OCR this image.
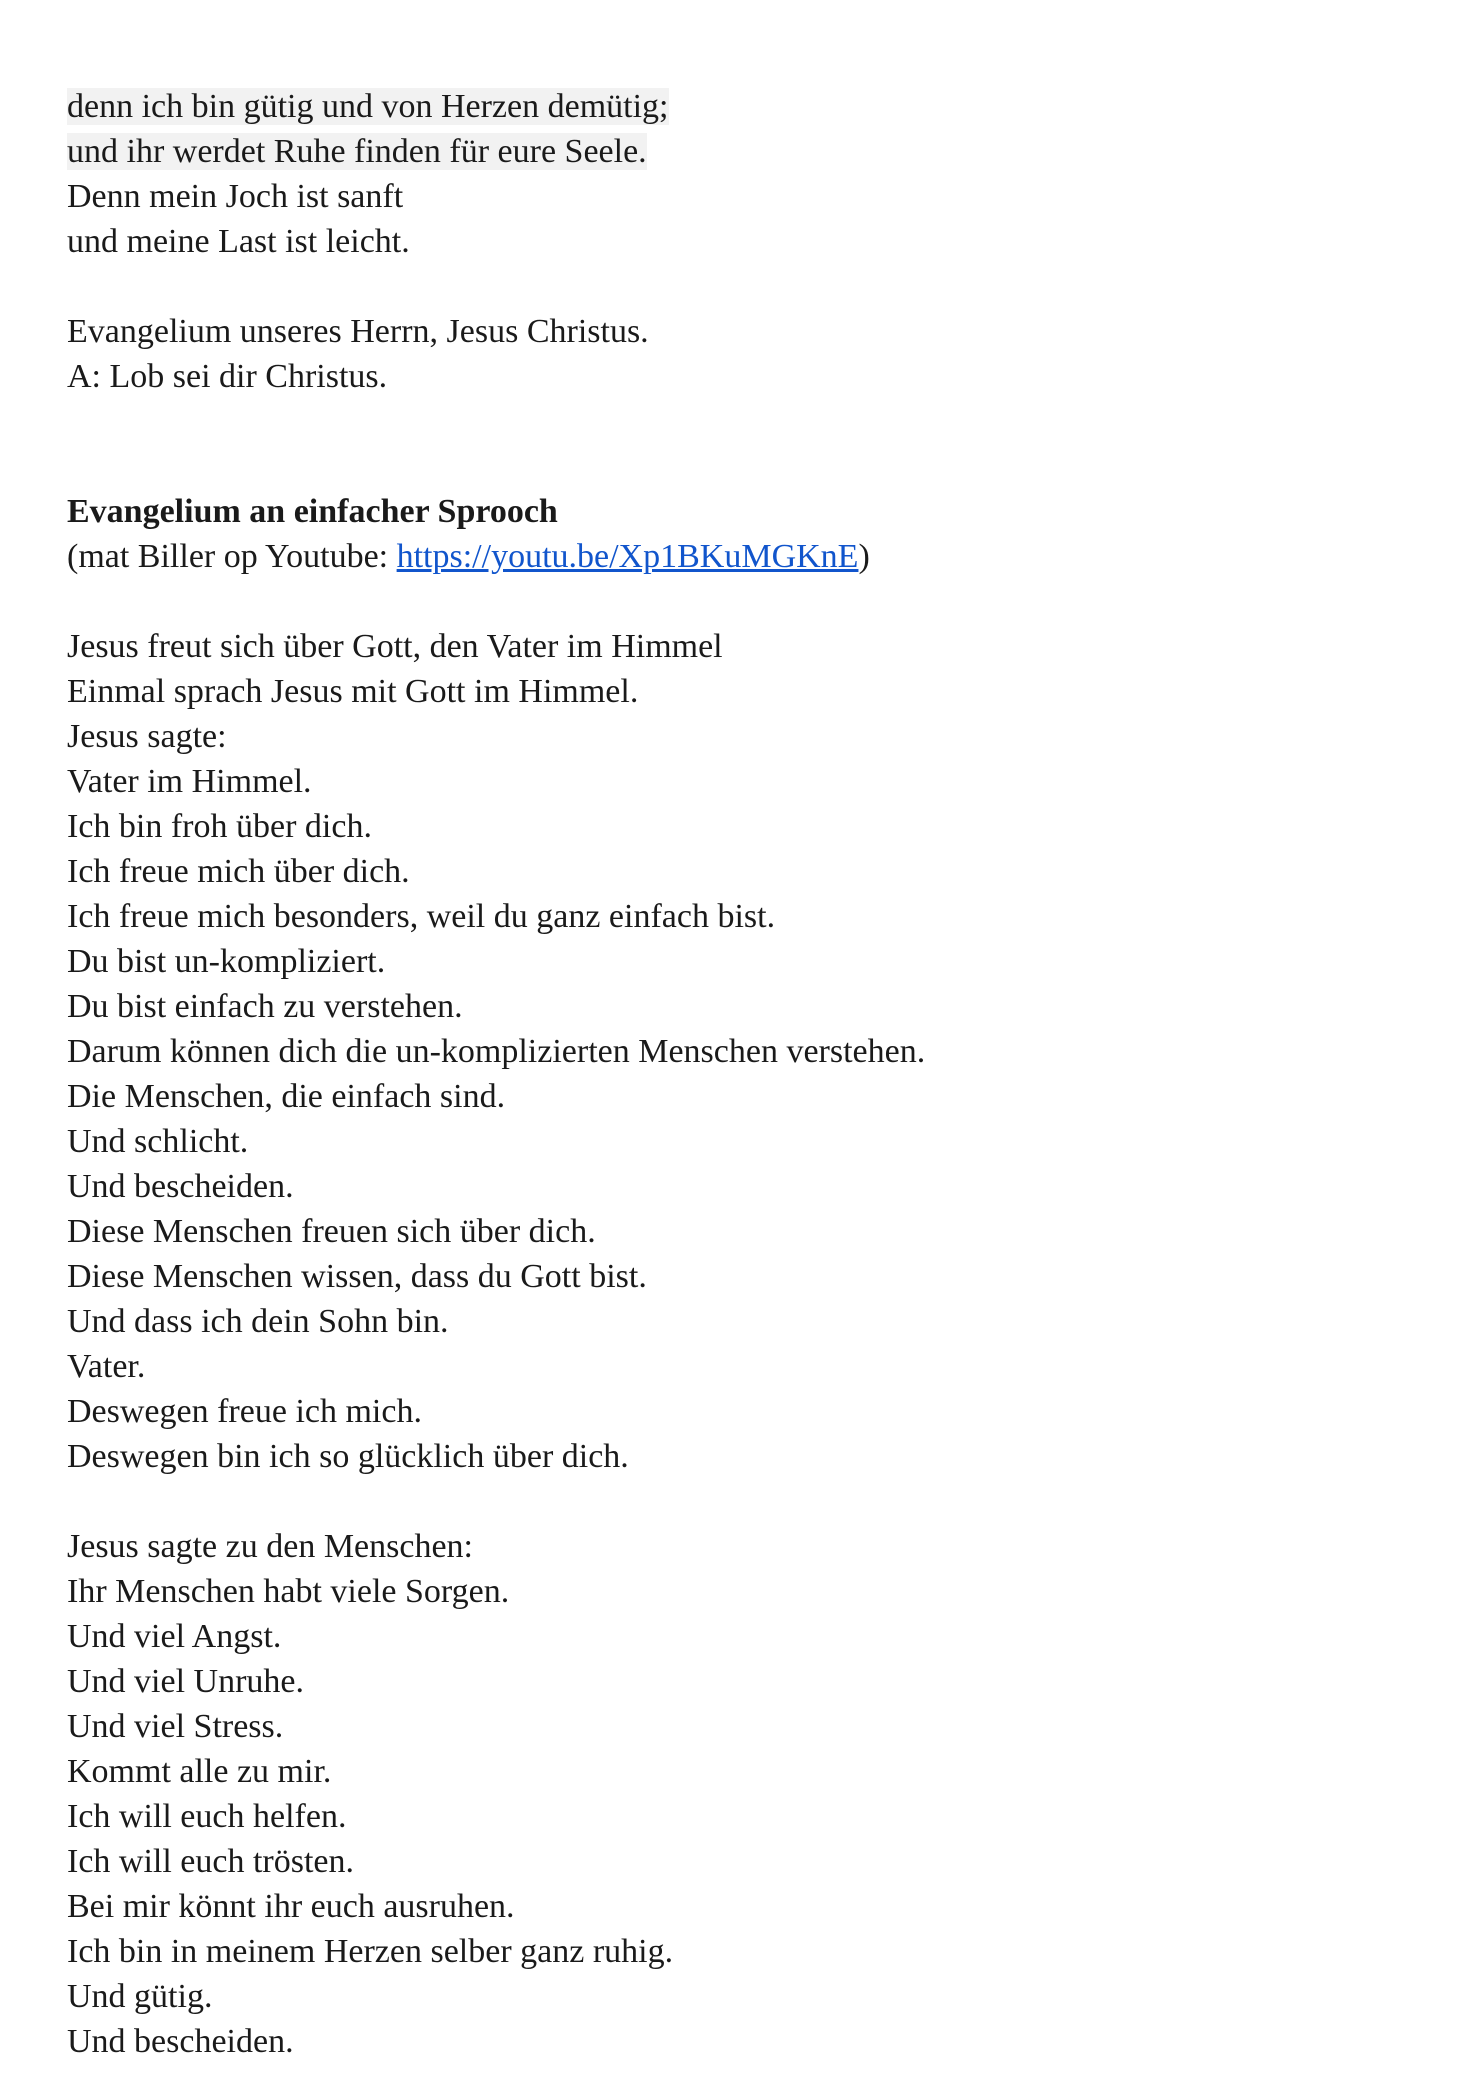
denn ich bin gütig und von Herzen demütig;
und ihr werdet Ruhe finden für eure Seele.
Denn mein Joch ist sanft
und meine Last ist leicht.
Evangelium unseres Herrn, Jesus Christus.
A: Lob sei dir Christus.
Evangelium an einfacher Sprooch
(mat Biller op Youtube: https://youtu.be/Xp1BKuMGKnE)
Jesus freut sich über Gott, den Vater im Himmel
Einmal sprach Jesus mit Gott im Himmel.
Jesus sagte:
Vater im Himmel.
Ich bin froh über dich.
Ich freue mich über dich.
Ich freue mich besonders, weil du ganz einfach bist.
Du bist un-kompliziert.
Du bist einfach zu verstehen.
Darum können dich die un-komplizierten Menschen verstehen.
Die Menschen, die einfach sind.
Und schlicht.
Und bescheiden.
Diese Menschen freuen sich über dich.
Diese Menschen wissen, dass du Gott bist.
Und dass ich dein Sohn bin.
Vater.
Deswegen freue ich mich.
Deswegen bin ich so glücklich über dich.
Jesus sagte zu den Menschen:
Ihr Menschen habt viele Sorgen.
Und viel Angst.
Und viel Unruhe.
Und viel Stress.
Kommt alle zu mir.
Ich will euch helfen.
Ich will euch trösten.
Bei mir könnt ihr euch ausruhen.
Ich bin in meinem Herzen selber ganz ruhig.
Und gütig.
Und bescheiden.
